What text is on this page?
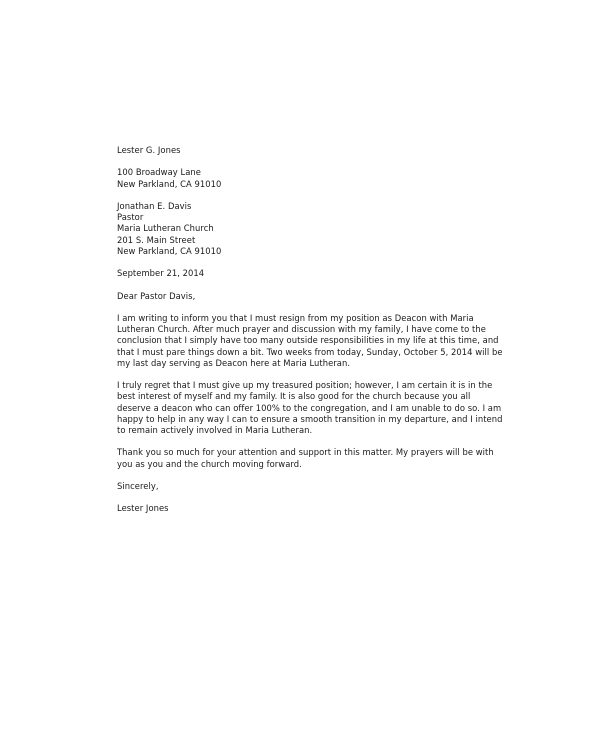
Lester G. Jones
100 Broadway Lane
New Parkland, CA 91010
Jonathan E. Davis
Pastor
Maria Lutheran Church
201 S. Main Street
New Parkland, CA 91010
September 21, 2014
Dear Pastor Davis,
I am writing to inform you that I must resign from my position as Deacon with Maria
Lutheran Church. After much prayer and discussion with my family, I have come to the
conclusion that I simply have too many outside responsibilities in my life at this time, and
that I must pare things down a bit. Two weeks from today, Sunday, October 5, 2014 will be
my last day serving as Deacon here at Maria Lutheran.
I truly regret that I must give up my treasured position; however, I am certain it is in the
best interest of myself and my family. It is also good for the church because you all
deserve a deacon who can offer 100% to the congregation, and I am unable to do so. I am
happy to help in any way I can to ensure a smooth transition in my departure, and I intend
to remain actively involved in Maria Lutheran.
Thank you so much for your attention and support in this matter. My prayers will be with
you as you and the church moving forward.
Sincerely,
Lester Jones
